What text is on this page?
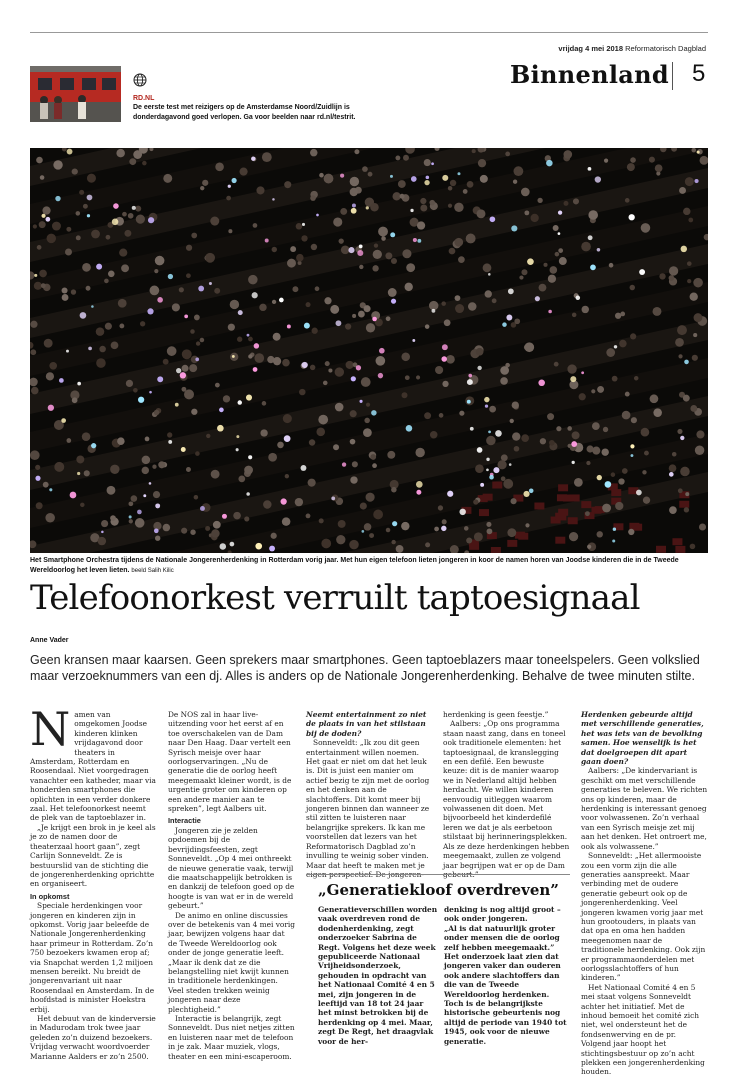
vrijdag 4 mei 2018 Reformatorisch Dagblad
Binnenland 5
RD.NL
De eerste test met reizigers op de Amsterdamse Noord/Zuidlijn is donderdagavond goed verlopen. Ga voor beelden naar rd.nl/testrit.
Het Smartphone Orchestra tijdens de Nationale Jongerenherdenking in Rotterdam vorig jaar. Met hun eigen telefoon lieten jongeren in koor de namen horen van Joodse kinderen die in de Tweede Wereldoorlog het leven lieten. beeld Salih Kilic
Telefoonorkest verruilt taptoesignaal
Anne Vader
Geen kransen maar kaarsen. Geen sprekers maar smartphones. Geen taptoeblazers maar toneelspelers. Geen volkslied maar verzoeknummers van een dj. Alles is anders op de Nationale Jongerenherdenking. Behalve de twee minuten stilte.

Namen van omgekomen Joodse kinderen klinken vrijdagavond door theaters in Amsterdam, Rotterdam en Roosendaal. Niet voorgedragen vanachter een katheder, maar via honderden smartphones die oplichten in een verder donkere zaal. Het telefoonorkest neemt de plek van de taptoeblazer in.

„Je krijgt een brok in je keel als je zo de namen door de theaterzaal hoort gaan”, zegt Carlijn Sonneveldt. Ze is bestuurslid van de stichting die de jongerenherdenking oprichtte en organiseert.

In opkomst

Speciale herdenkingen voor jongeren en kinderen zijn in opkomst. Vorig jaar beleefde de Nationale Jongerenherdenking haar primeur in Rotterdam. Zo’n 750 bezoekers kwamen erop af; via Snapchat werden 1,2 miljoen mensen bereikt. Nu breidt de jongerenvariant uit naar Roosendaal en Amsterdam. In de hoofdstad is minister Hoekstra erbij.

Het debuut van de kinderversie in Madurodam trok twee jaar geleden zo’n duizend bezoekers. Vrijdag verwacht woordvoerder Marianne Aalders er zo’n 2500.

De NOS zal in haar live-uitzending voor het eerst af en toe overschakelen van de Dam naar Den Haag. Daar vertelt een Syrisch meisje over haar oorlogservaringen. „Nu de generatie die de oorlog heeft meegemaakt kleiner wordt, is de urgentie groter om kinderen op een andere manier aan te spreken”, legt Aalbers uit.

Interactie

Jongeren zie je zelden opdoemen bij de bevrijdingsfeesten, zegt Sonneveldt. „Op 4 mei onthreekt de nieuwe generatie vaak, terwijl die maatschappelijk betrokken is en dankzij de telefoon goed op de hoogte is van wat er in de wereld gebeurt.”

De animo en online discussies over de betekenis van 4 mei vorig jaar, bewijzen volgens haar dat de Tweede Wereldoorlog ook onder de jonge generatie leeft. „Maar ik denk dat ze die belangstelling niet kwijt kunnen in traditionele herdenkingen. Veel steden trekken weinig jongeren naar deze plechtigheid.”

Interactie is belangrijk, zegt Sonneveldt. Dus niet netjes zitten en luisteren naar met de telefoon in je zak. Maar muziek, vlogs, theater en een mini-escaperoom.

Neemt entertainment zo niet de plaats in van het stilstaan bij de doden?

Sonneveldt: „Ik zou dit geen entertainment willen noemen. Het gaat er niet om dat het leuk is. Dit is juist een manier om actief bezig te zijn met de oorlog en het denken aan de slachtoffers. Dit komt meer bij jongeren binnen dan wanneer ze stil zitten te luisteren naar belangrijke sprekers. Ik kan me voorstellen dat lezers van het Reformatorisch Dagblad zo’n invulling te weinig sober vinden. Maar dat heeft te maken met je eigen perspectief. De jongeren-

herdenking is geen feestje.”

Aalbers: „Op ons programma staan naast zang, dans en toneel ook traditionele elementen: het taptoesignaal, de kranslegging en een defilé. Een bewuste keuze: dit is de manier waarop we in Nederland altijd hebben herdacht. We willen kinderen eenvoudig uitleggen waarom volwassenen dit doen. Met bijvoorbeeld het kinderdefilé leren we dat je als eerbetoon stilstaat bij herinneringsplekken. Als ze deze herdenkingen hebben meegemaakt, zullen ze volgend jaar begrijpen wat er op de Dam gebeurt.”

Herdenken gebeurde altijd met verschillende generaties, het was iets van de bevolking samen. Hoe wenselijk is het dat doelgroepen dit apart gaan doen?

Aalbers: „De kindervariant is geschikt om met verschillende generaties te beleven. We richten ons op kinderen, maar de herdenking is interessant genoeg voor volwassenen. Zo’n verhaal van een Syrisch meisje zet mij aan het denken. Het ontroert me, ook als volwassene.”

Sonneveldt: „Het allermooiste zou een vorm zijn die alle generaties aanspreekt. Maar verbinding met de oudere generatie gebeurt ook op de jongerenherdenking. Veel jongeren kwamen vorig jaar met hun grootouders, in plaats van dat opa en oma hen hadden meegenomen naar de traditionele herdenking. Ook zijn er programmaonderdelen met oorlogsslachtoffers of hun kinderen.”

Het Nationaal Comité 4 en 5 mei staat volgens Sonneveldt achter het initiatief. Met de inhoud bemoeit het comité zich niet, wel ondersteunt het de fondsenwerving en de pr. Volgend jaar hoopt het stichtingsbestuur op zo’n acht plekken een jongerenherdenking houden.

„Generatiekloof overdreven”

Generatieverschillen worden vaak overdreven rond de dodenherdenking, zegt onderzoeker Sabrina de Regt. Volgens het deze week gepubliceerde Nationaal Vrijheidsonderzoek, gehouden in opdracht van het Nationaal Comité 4 en 5 mei, zijn jongeren in de leeftijd van 18 tot 24 jaar het minst betrokken bij de herdenking op 4 mei. Maar, zegt De Regt, het draagvlak voor de her-

denking is nog altijd groot – ook onder jongeren.

„Al is dat natuurlijk groter onder mensen die de oorlog zelf hebben meegemaakt.”

Het onderzoek laat zien dat jongeren vaker dan ouderen ook andere slachtoffers dan die van de Tweede Wereldoorlog herdenken. Toch is de belangrijkste historische gebeurtenis nog altijd de periode van 1940 tot 1945, ook voor de nieuwe generatie.
